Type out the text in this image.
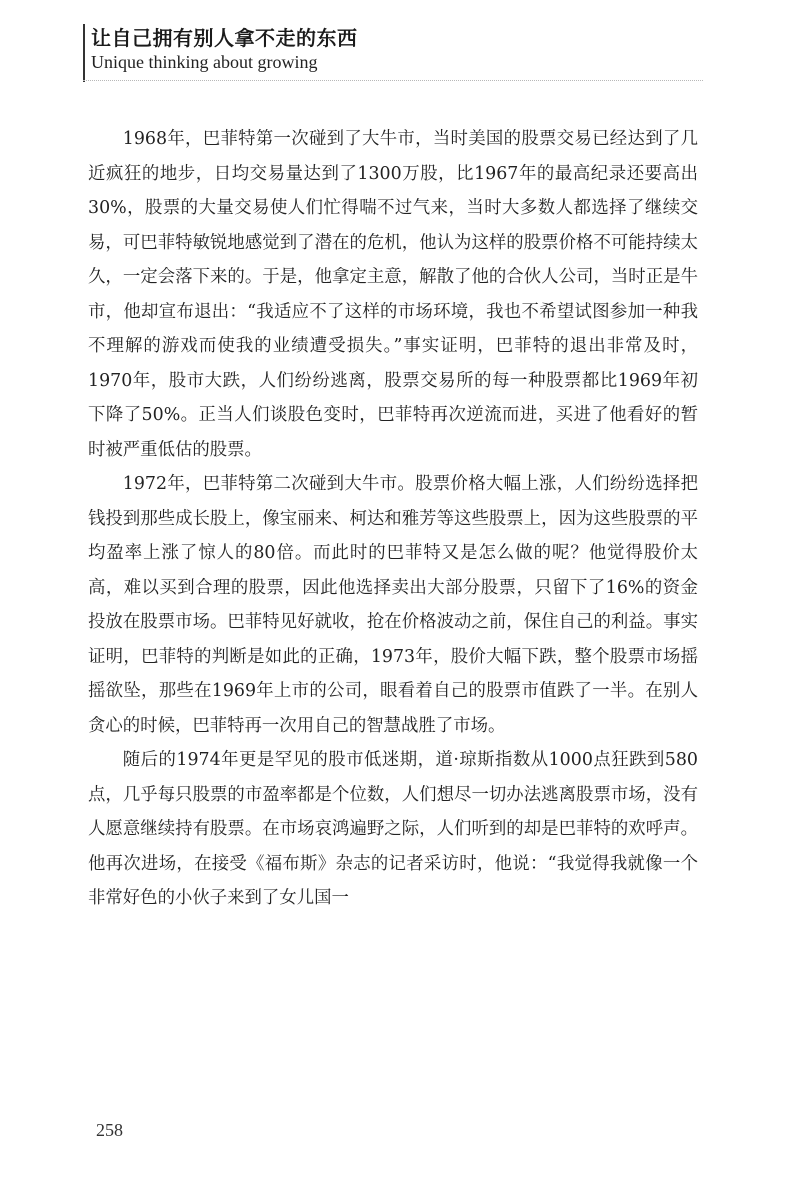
让自己拥有别人拿不走的东西
Unique thinking about growing

1968年，巴菲特第一次碰到了大牛市，当时美国的股票交易已经达到了几近疯狂的地步，日均交易量达到了1300万股，比1967年的最高纪录还要高出30%，股票的大量交易使人们忙得喘不过气来，当时大多数人都选择了继续交易，可巴菲特敏锐地感觉到了潜在的危机，他认为这样的股票价格不可能持续太久，一定会落下来的。于是，他拿定主意，解散了他的合伙人公司，当时正是牛市，他却宣布退出：“我适应不了这样的市场环境，我也不希望试图参加一种我不理解的游戏而使我的业绩遭受损失。”事实证明，巴菲特的退出非常及时，1970年，股市大跌，人们纷纷逃离，股票交易所的每一种股票都比1969年初下降了50%。正当人们谈股色变时，巴菲特再次逆流而进，买进了他看好的暂时被严重低估的股票。

1972年，巴菲特第二次碰到大牛市。股票价格大幅上涨，人们纷纷选择把钱投到那些成长股上，像宝丽来、柯达和雅芳等这些股票上，因为这些股票的平均盈率上涨了惊人的80倍。而此时的巴菲特又是怎么做的呢？他觉得股价太高，难以买到合理的股票，因此他选择卖出大部分股票，只留下了16%的资金投放在股票市场。巴菲特见好就收，抢在价格波动之前，保住自己的利益。事实证明，巴菲特的判断是如此的正确，1973年，股价大幅下跌，整个股票市场摇摇欲坠，那些在1969年上市的公司，眼看着自己的股票市值跌了一半。在别人贪心的时候，巴菲特再一次用自己的智慧战胜了市场。

随后的1974年更是罕见的股市低迷期，道·琼斯指数从1000点狂跌到580点，几乎每只股票的市盈率都是个位数，人们想尽一切办法逃离股票市场，没有人愿意继续持有股票。在市场哀鸿遍野之际，人们听到的却是巴菲特的欢呼声。他再次进场，在接受《福布斯》杂志的记者采访时，他说：“我觉得我就像一个非常好色的小伙子来到了女儿国一

258
